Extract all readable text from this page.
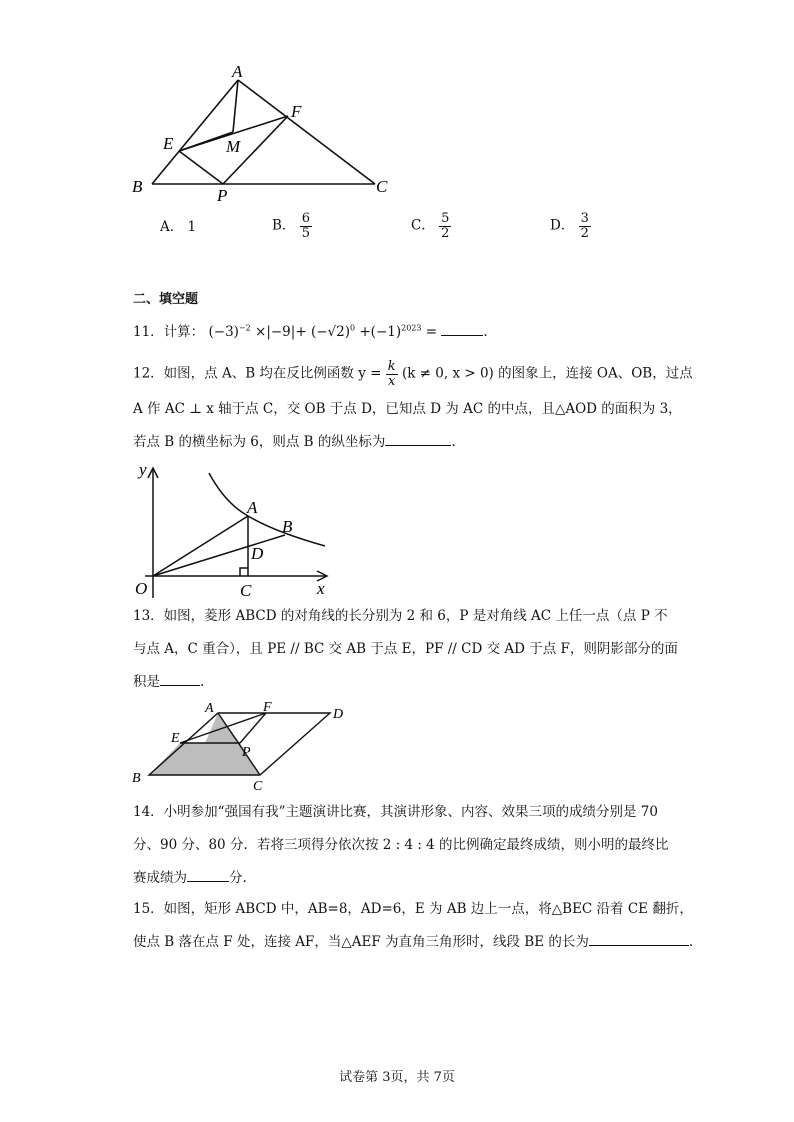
A
B	C
E
F
M
P
A． 1	B． $\frac{6}{5}$	C． $\frac{5}{2}$	D． $\frac{3}{2}$
二、填空题
11．计算： $(-3)^{-2} \times|-9|+ (-√2)^0 +(-1)^{2023}$ =	.
12．如图，点 A、B 均在反比例函数 $y = \frac{k}{x} (k \ne 0$, x > 0) 的图象上，连接 OA、OB，过点
A 作 AC ⊥ x 轴于点 C，交 OB 于点 D，已知点 D 为 AC 的中点，且△AOD 的面积为 3，
若点 B 的横坐标为 6，则点 B 的纵坐标为	.
y
x
O
A
B
C
D
13．如图，菱形 ABCD 的对角线的长分别为 2 和 6，P 是对角线 AC 上任一点（点 P 不
与点 A，C 重合），且 PE // BC 交 AB 于点 E，PF // CD 交 AD 于点 F，则阴影部分的面
积是	.
A
B
C
D
E
F
P
14．小明参加“强国有我”主题演讲比赛，其演讲形象、内容、效果三项的成绩分别是 70
分、90 分、80 分．若将三项得分依次按 2 : 4 : 4 的比例确定最终成绩，则小明的最终比
赛成绩为	分.
15．如图，矩形 ABCD 中，AB=8，AD=6，E 为 AB 边上一点，将△BEC 沿着 CE 翻折，
使点 B 落在点 F 处，连接 AF，当△AEF 为直角三角形时，线段 BE 的长为	.
试卷第 3页，共 7页
